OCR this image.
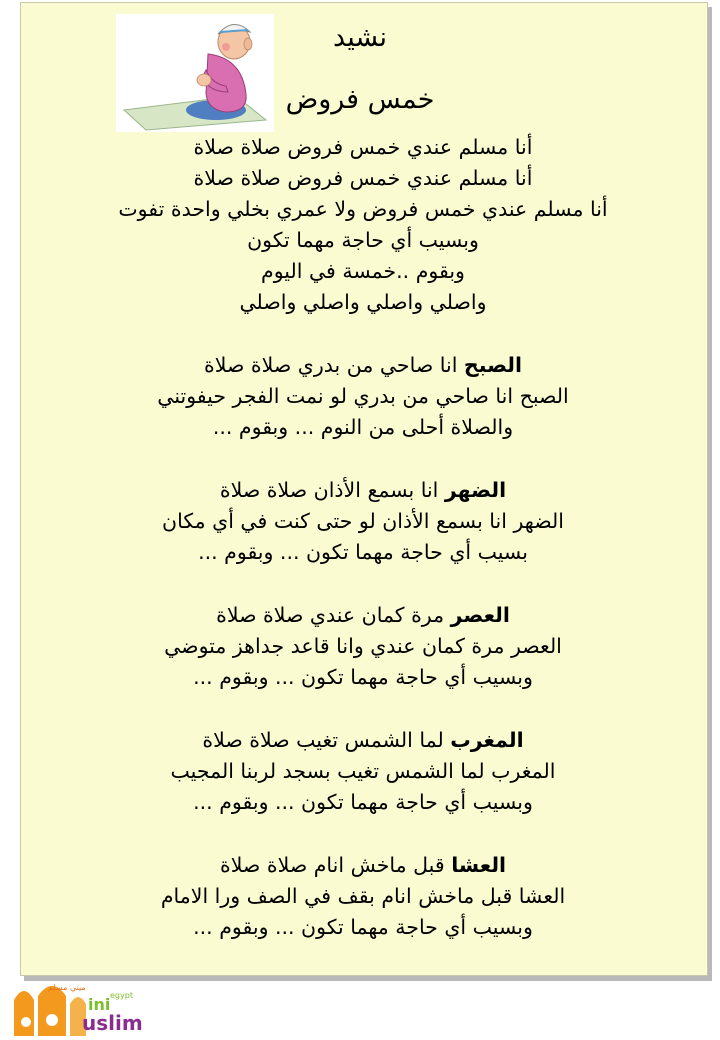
نشيد
خمس فروض
أنا مسلم عندي خمس فروض صلاة صلاة
أنا مسلم عندي خمس فروض صلاة صلاة
أنا مسلم عندي خمس فروض ولا عمري بخلي واحدة تفوت
وبسيب أي حاجة مهما تكون
وبقوم ..خمسة في اليوم
واصلي واصلي واصلي واصلي
الصبح انا صاحي من بدري صلاة صلاة
الصبح انا صاحي من بدري لو نمت الفجر حيفوتني
والصلاة أحلى من النوم ... وبقوم ...
الضهر انا بسمع الأذان صلاة صلاة
الضهر انا بسمع الأذان لو حتى كنت في أي مكان
بسيب أي حاجة مهما تكون ... وبقوم ...
العصر مرة كمان عندي صلاة صلاة
العصر مرة كمان عندي وانا قاعد جداهز متوضي
وبسيب أي حاجة مهما تكون ... وبقوم ...
المغرب لما الشمس تغيب صلاة صلاة
المغرب لما الشمس تغيب بسجد لربنا المجيب
وبسيب أي حاجة مهما تكون ... وبقوم ...
العشا قبل ماخش انام صلاة صلاة
العشا قبل ماخش انام بقف في الصف ورا الامام
وبسيب أي حاجة مهما تكون ... وبقوم ...
ini
uslim
egypt
ميني مسلم
